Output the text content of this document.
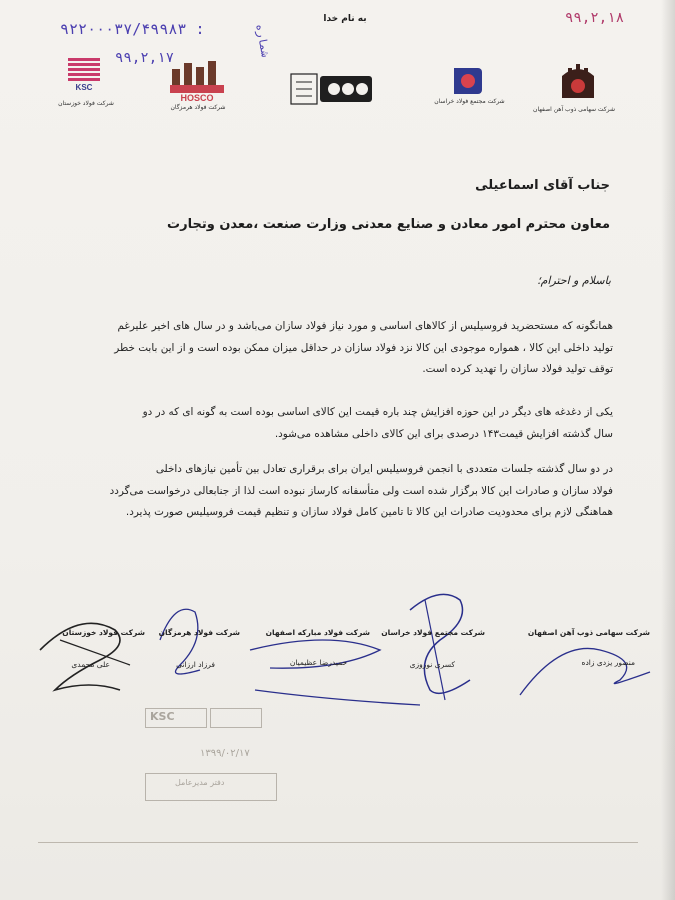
به نام خدا
۹۲۲۰۰۰۳۷/۴۹۹۸۳ :	شماره
۹۹,۲,۱۷
۹۹,۲,۱۸
KSC
شرکت فولاد خوزستان
HOSCO
شرکت فولاد هرمزگان
شرکت مجتمع فولاد خراسان
شرکت سهامی ذوب آهن اصفهان
جناب آقای اسماعیلی
معاون محترم امور معادن و صنایع معدنی وزارت صنعت ،معدن وتجارت
باسلام و احترام؛
همانگونه که مستحضرید فروسیلیس از کالاهای اساسی و مورد نیاز فولاد سازان می‌باشد و در سال های اخیر علیرغم
تولید داخلی این کالا ، همواره موجودی این کالا نزد فولاد سازان در حداقل میزان ممکن بوده است و از این بابت خطر
توقف تولید فولاد سازان را تهدید کرده است.
یکی از دغدغه های دیگر در این حوزه افزایش چند باره قیمت این کالای اساسی بوده است به گونه ای که در دو
سال گذشته افزایش قیمت۱۴۳ درصدی برای این کالای داخلی مشاهده می‌شود.
در دو سال گذشته جلسات متعددی با انجمن فروسیلیس ایران برای برقراری تعادل بین تأمین نیازهای داخلی
فولاد سازان و صادرات این کالا برگزار شده است ولی متأسفانه کارساز نبوده است لذا از جنابعالی درخواست می‌گردد
هماهنگی لازم برای محدودیت صادرات این کالا تا تامین کامل فولاد سازان و تنظیم قیمت فروسیلیس صورت پذیرد.
شرکت سهامی ذوب آهن اصفهان
منصور یزدی زاده
شرکت مجتمع فولاد خراسان
کسری نوروزی
شرکت فولاد مبارکه اصفهان
حمیدرضا عظیمیان
شرکت فولاد هرمزگان
فرزاد ارزانی
شرکت فولاد خوزستان
علی محمدی
KSC
۱۳۹۹/۰۲/۱۷
دفتر مدیرعامل
